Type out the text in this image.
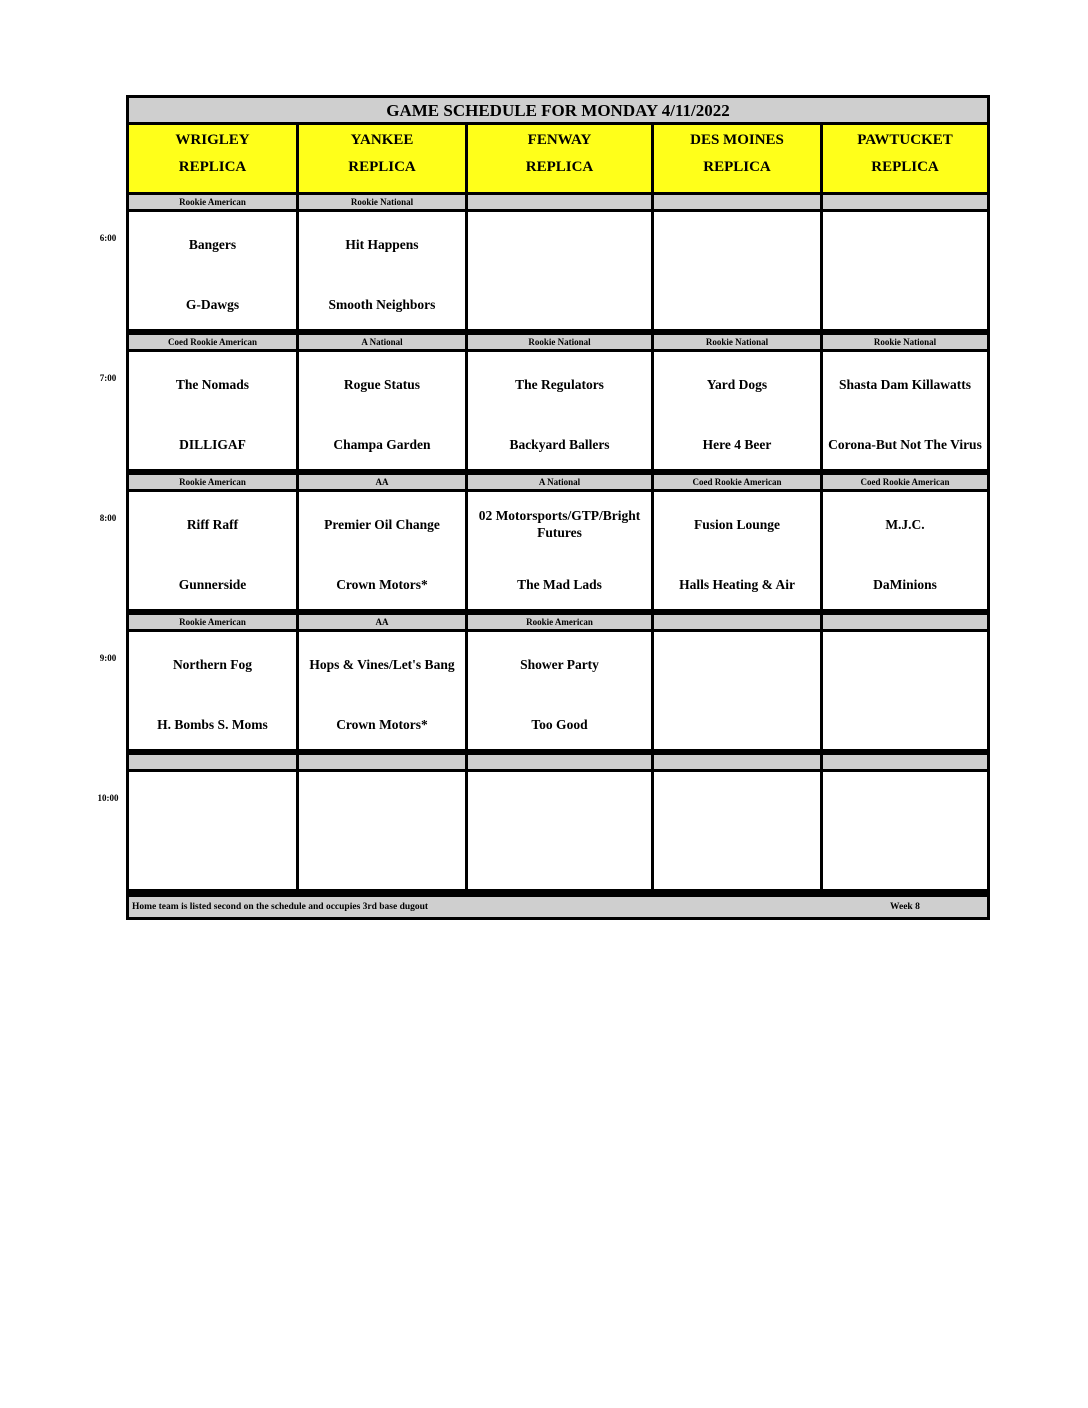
GAME SCHEDULE FOR MONDAY 4/11/2022
Home team is listed second on the schedule and occupies 3rd base dugout	Week 8
WRIGLEY
REPLICA
YANKEE
REPLICA
FENWAY
REPLICA
DES MOINES
REPLICA
PAWTUCKET
REPLICA
Rookie American
Bangers
G-Dawgs
Rookie National
Hit Happens
Smooth Neighbors
Coed Rookie American
The Nomads
DILLIGAF
A National
Rogue Status
Champa Garden
Rookie National
The Regulators
Backyard Ballers
Rookie National
Yard Dogs
Here 4 Beer
Rookie National
Shasta Dam Killawatts
Corona-But Not The Virus
Rookie American
Riff Raff
Gunnerside
AA
Premier Oil Change
Crown Motors*
A National
02 Motorsports/GTP/Bright Futures
The Mad Lads
Coed Rookie American
Fusion Lounge
Halls Heating & Air
Coed Rookie American
M.J.C.
DaMinions
Rookie American
Northern Fog
H. Bombs S. Moms
AA
Hops & Vines/Let's Bang
Crown Motors*
Rookie American
Shower Party
Too Good
6:00
7:00
8:00
9:00
10:00
